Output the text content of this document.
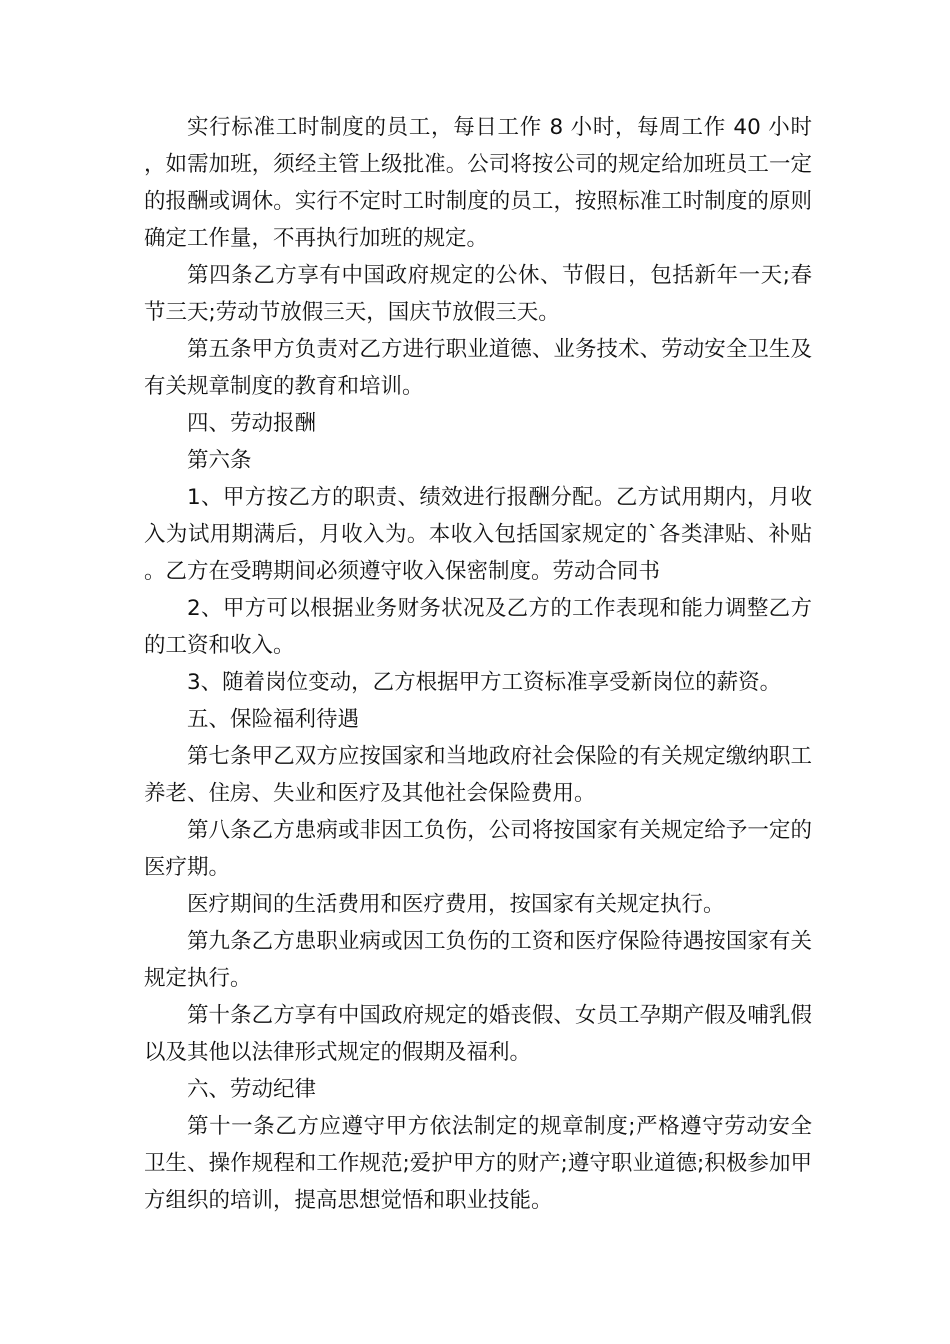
实行标准工时制度的员工，每日工作 8 小时，每周工作 40 小时，如需加班，须经主管上级批准。公司将按公司的规定给加班员工一定的报酬或调休。实行不定时工时制度的员工，按照标准工时制度的原则确定工作量，不再执行加班的规定。

第四条乙方享有中国政府规定的公休、节假日，包括新年一天;春节三天;劳动节放假三天，国庆节放假三天。

第五条甲方负责对乙方进行职业道德、业务技术、劳动安全卫生及有关规章制度的教育和培训。

四、劳动报酬

第六条

1、甲方按乙方的职责、绩效进行报酬分配。乙方试用期内，月收入为试用期满后，月收入为。本收入包括国家规定的`各类津贴、补贴。乙方在受聘期间必须遵守收入保密制度。劳动合同书

2、甲方可以根据业务财务状况及乙方的工作表现和能力调整乙方的工资和收入。

3、随着岗位变动，乙方根据甲方工资标准享受新岗位的薪资。

五、保险福利待遇

第七条甲乙双方应按国家和当地政府社会保险的有关规定缴纳职工养老、住房、失业和医疗及其他社会保险费用。

第八条乙方患病或非因工负伤，公司将按国家有关规定给予一定的医疗期。

医疗期间的生活费用和医疗费用，按国家有关规定执行。

第九条乙方患职业病或因工负伤的工资和医疗保险待遇按国家有关规定执行。

第十条乙方享有中国政府规定的婚丧假、女员工孕期产假及哺乳假以及其他以法律形式规定的假期及福利。

六、劳动纪律

第十一条乙方应遵守甲方依法制定的规章制度;严格遵守劳动安全卫生、操作规程和工作规范;爱护甲方的财产;遵守职业道德;积极参加甲方组织的培训，提高思想觉悟和职业技能。
